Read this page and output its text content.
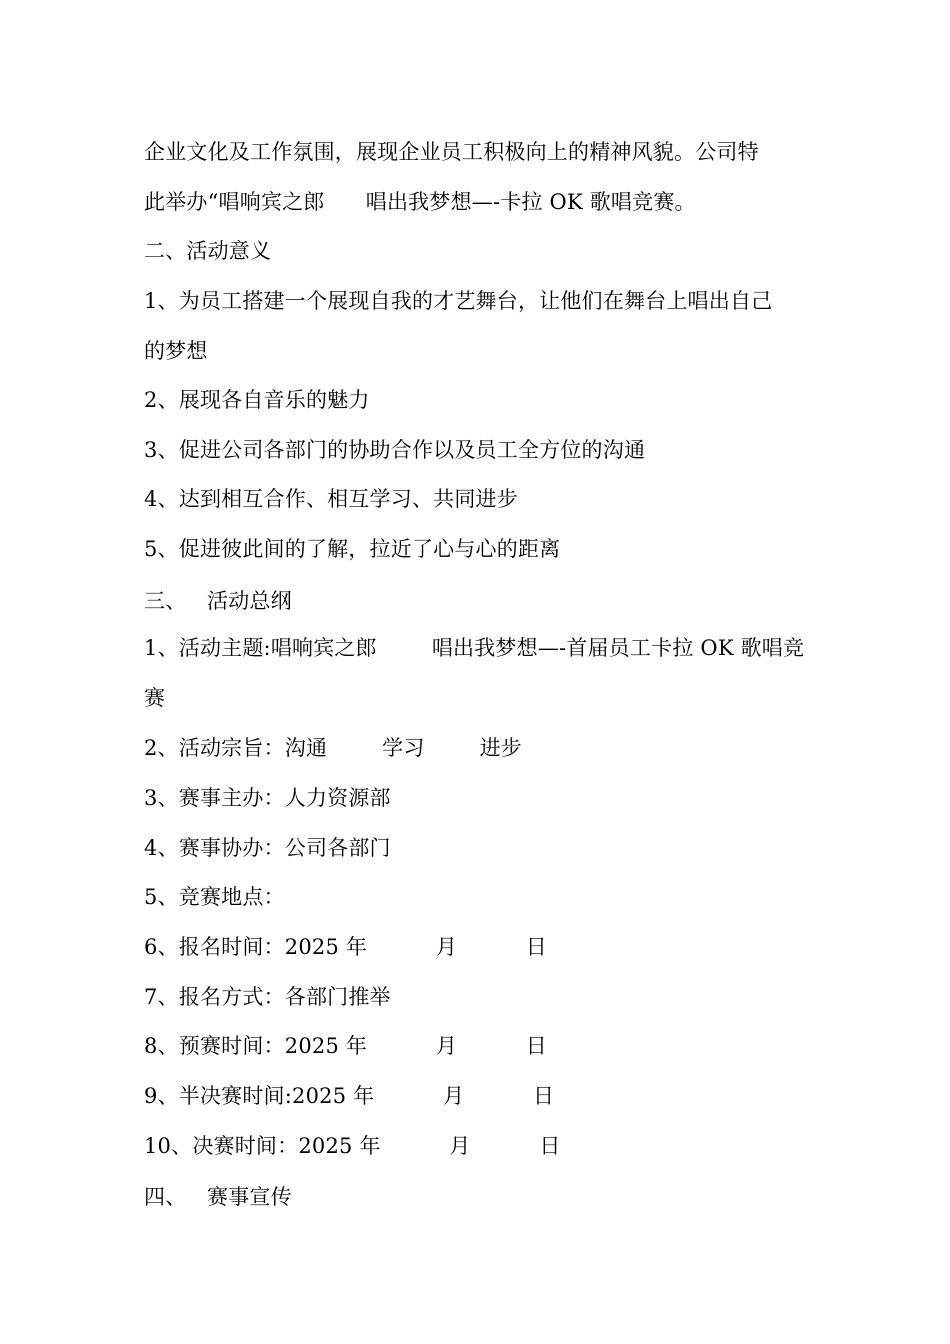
企业文化及工作氛围，展现企业员工积极向上的精神风貌。公司特
此举办“唱响宾之郎      唱出我梦想—-卡拉 OK 歌唱竞赛。
二、活动意义
1、为员工搭建一个展现自我的才艺舞台，让他们在舞台上唱出自己
的梦想
2、展现各自音乐的魅力
3、促进公司各部门的协助合作以及员工全方位的沟通
4、达到相互合作、相互学习、共同进步
5、促进彼此间的了解，拉近了心与心的距离
三、   活动总纲
1、活动主题:唱响宾之郎        唱出我梦想—-首届员工卡拉 OK 歌唱竞
赛
2、活动宗旨：沟通        学习        进步
3、赛事主办：人力资源部
4、赛事协办：公司各部门
5、竞赛地点：
6、报名时间：2025 年          月          日
7、报名方式：各部门推举
8、预赛时间：2025 年          月          日
9、半决赛时间:2025 年          月          日
10、决赛时间：2025 年          月          日
四、   赛事宣传
